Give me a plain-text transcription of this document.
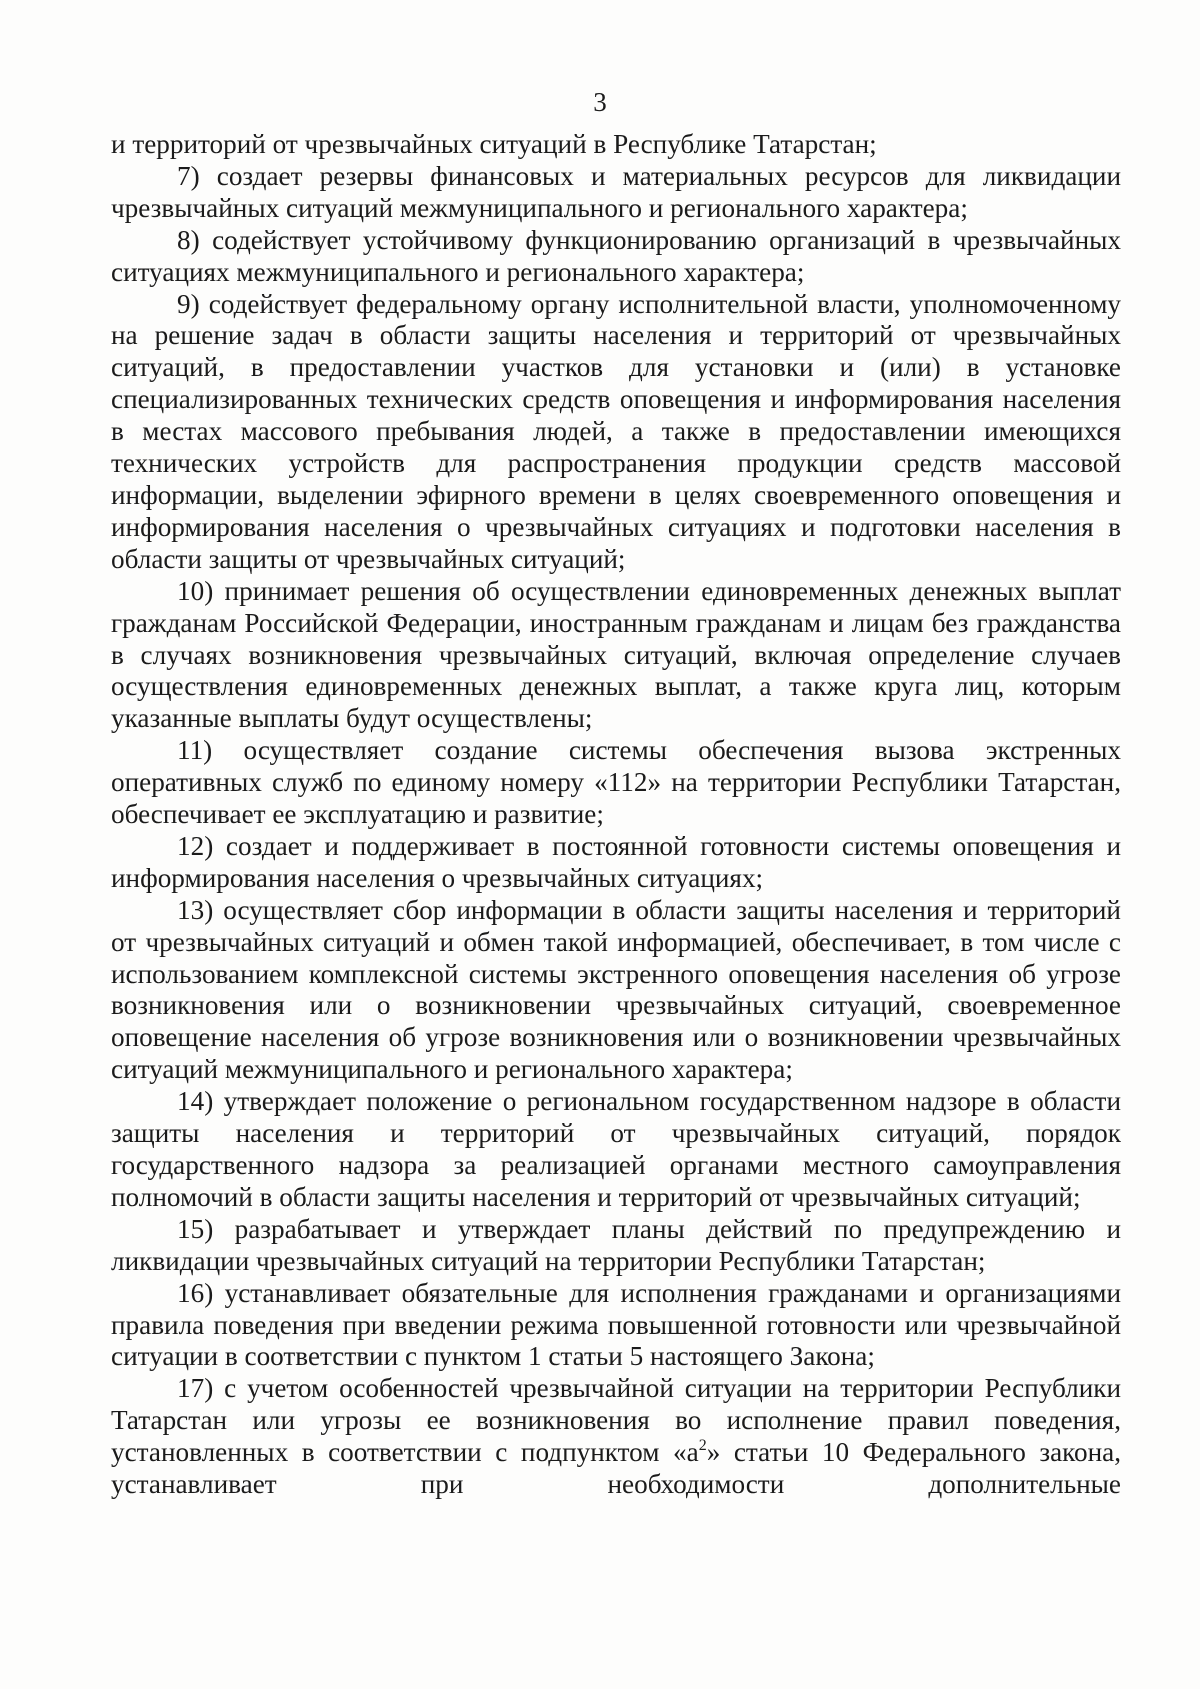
3

и территорий от чрезвычайных ситуаций в Республике Татарстан;

7) создает резервы финансовых и материальных ресурсов для ликвидации чрезвычайных ситуаций межмуниципального и регионального характера;

8) содействует устойчивому функционированию организаций в чрезвычайных ситуациях межмуниципального и регионального характера;

9) содействует федеральному органу исполнительной власти, уполномоченному на решение задач в области защиты населения и территорий от чрезвычайных ситуаций, в предоставлении участков для установки и (или) в установке специализированных технических средств оповещения и информирования населения в местах массового пребывания людей, а также в предоставлении имеющихся технических устройств для распространения продукции средств массовой информации, выделении эфирного времени в целях своевременного оповещения и информирования населения о чрезвычайных ситуациях и подготовки населения в области защиты от чрезвычайных ситуаций;

10) принимает решения об осуществлении единовременных денежных выплат гражданам Российской Федерации, иностранным гражданам и лицам без гражданства в случаях возникновения чрезвычайных ситуаций, включая определение случаев осуществления единовременных денежных выплат, а также круга лиц, которым указанные выплаты будут осуществлены;

11) осуществляет создание системы обеспечения вызова экстренных оперативных служб по единому номеру «112» на территории Республики Татарстан, обеспечивает ее эксплуатацию и развитие;

12) создает и поддерживает в постоянной готовности системы оповещения и информирования населения о чрезвычайных ситуациях;

13) осуществляет сбор информации в области защиты населения и территорий от чрезвычайных ситуаций и обмен такой информацией, обеспечивает, в том числе с использованием комплексной системы экстренного оповещения населения об угрозе возникновения или о возникновении чрезвычайных ситуаций, своевременное оповещение населения об угрозе возникновения или о возникновении чрезвычайных ситуаций межмуниципального и регионального характера;

14) утверждает положение о региональном государственном надзоре в области защиты населения и территорий от чрезвычайных ситуаций, порядок государственного надзора за реализацией органами местного самоуправления полномочий в области защиты населения и территорий от чрезвычайных ситуаций;

15) разрабатывает и утверждает планы действий по предупреждению и ликвидации чрезвычайных ситуаций на территории Республики Татарстан;

16) устанавливает обязательные для исполнения гражданами и организациями правила поведения при введении режима повышенной готовности или чрезвычайной ситуации в соответствии с пунктом 1 статьи 5 настоящего Закона;

17) с учетом особенностей чрезвычайной ситуации на территории Республики Татарстан или угрозы ее возникновения во исполнение правил поведения, установленных в соответствии с подпунктом «$а^2$» статьи 10 Федерального закона, устанавливает при необходимости дополнительные
